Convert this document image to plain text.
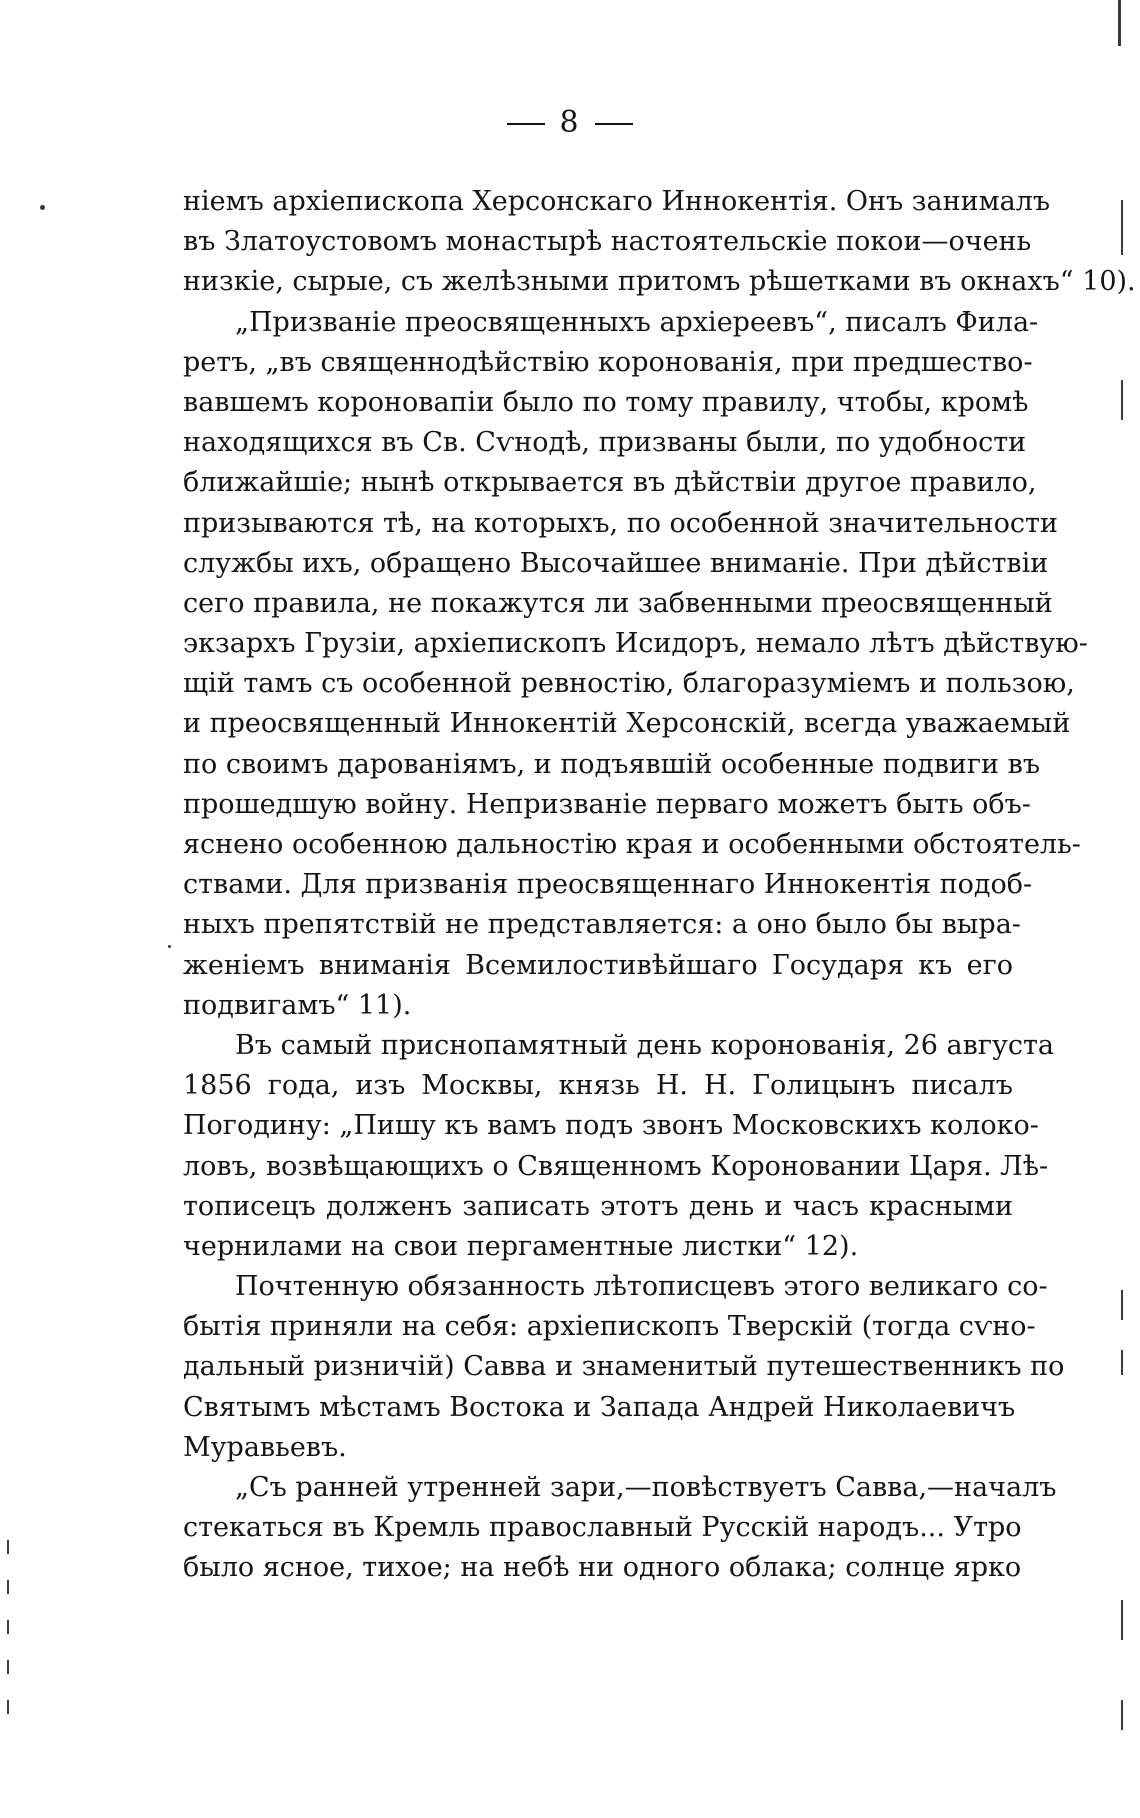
8
ніемъ архіепископа Херсонскаго Иннокентія. Онъ занималъ
въ Златоустовомъ монастырѣ настоятельскіе покои—очень
низкіе, сырые, съ желѣзными притомъ рѣшетками въ окнахъ“ 10).
„Призваніе преосвященныхъ архіереевъ“, писалъ Фила-
ретъ, „въ священнодѣйствію коронованія, при предшество-
вавшемъ короновапіи было по тому правилу, чтобы, кромѣ
находящихся въ Св. Сѵнодѣ, призваны были, по удобности
ближайшіе; нынѣ открывается въ дѣйствіи другое правило,
призываются тѣ, на которыхъ, по особенной значительности
службы ихъ, обращено Высочайшее вниманіе. При дѣйствіи
сего правила, не покажутся ли забвенными преосвященный
экзархъ Грузіи, архіепископъ Исидоръ, немало лѣтъ дѣйствую-
щій тамъ съ особенной ревностію, благоразуміемъ и пользою,
и преосвященный Иннокентій Херсонскій, всегда уважаемый
по своимъ дарованіямъ, и подъявшій особенные подвиги въ
прошедшую войну. Непризваніе перваго можетъ быть объ-
яснено особенною дальностію края и особенными обстоятель-
ствами. Для призванія преосвященнаго Иннокентія подоб-
ныхъ препятствій не представляется: а оно было бы выра-
женіемъ вниманія Всемилостивѣйшаго Государя къ его
подвигамъ“ 11).
Въ самый приснопамятный день коронованія, 26 августа
1856 года, изъ Москвы, князь Н. Н. Голицынъ писалъ
Погодину: „Пишу къ вамъ подъ звонъ Московскихъ колоко-
ловъ, возвѣщающихъ о Священномъ Короновании Царя. Лѣ-
тописецъ долженъ записать этотъ день и часъ красными
чернилами на свои пергаментные листки“ 12).
Почтенную обязанность лѣтописцевъ этого великаго со-
бытія приняли на себя: архіепископъ Тверскій (тогда сѵно-
дальный ризничій) Савва и знаменитый путешественникъ по
Святымъ мѣстамъ Востока и Запада Андрей Николаевичъ
Муравьевъ.
„Съ ранней утренней зари,—повѣствуетъ Савва,—началъ
стекаться въ Кремль православный Русскій народъ... Утро
было ясное, тихое; на небѣ ни одного облака; солнце ярко
